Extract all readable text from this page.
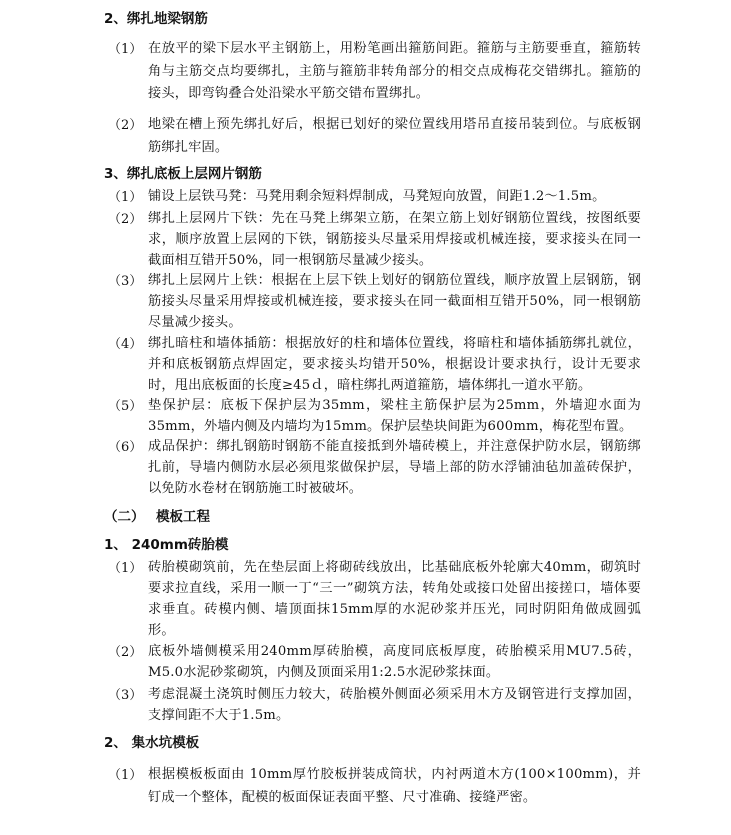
2、绑扎地梁钢筋
（1） 在放平的梁下层水平主钢筋上，用粉笔画出箍筋间距。箍筋与主筋要垂直，箍筋转角与主筋交点均要绑扎，主筋与箍筋非转角部分的相交点成梅花交错绑扎。箍筋的接头，即弯钩叠合处沿梁水平筋交错布置绑扎。
（2） 地梁在槽上预先绑扎好后，根据已划好的梁位置线用塔吊直接吊装到位。与底板钢筋绑扎牢固。
3、绑扎底板上层网片钢筋
（1） 铺设上层铁马凳：马凳用剩余短料焊制成，马凳短向放置，间距1.2～1.5m。
（2） 绑扎上层网片下铁：先在马凳上绑架立筋，在架立筋上划好钢筋位置线，按图纸要求，顺序放置上层网的下铁，钢筋接头尽量采用焊接或机械连接，要求接头在同一截面相互错开50%，同一根钢筋尽量减少接头。
（3） 绑扎上层网片上铁：根据在上层下铁上划好的钢筋位置线，顺序放置上层钢筋，钢筋接头尽量采用焊接或机械连接，要求接头在同一截面相互错开50%，同一根钢筋尽量减少接头。
（4） 绑扎暗柱和墙体插筋：根据放好的柱和墙体位置线，将暗柱和墙体插筋绑扎就位，并和底板钢筋点焊固定，要求接头均错开50%，根据设计要求执行，设计无要求时，甩出底板面的长度≥45ｄ，暗柱绑扎两道箍筋，墙体绑扎一道水平筋。
（5） 垫保护层：底板下保护层为35mm，梁柱主筋保护层为25mm，外墙迎水面为35mm，外墙内侧及内墙均为15mm。保护层垫块间距为600mm，梅花型布置。
（6） 成品保护：绑扎钢筋时钢筋不能直接抵到外墙砖模上，并注意保护防水层，钢筋绑扎前，导墙内侧防水层必须甩浆做保护层，导墙上部的防水浮铺油毡加盖砖保护，以免防水卷材在钢筋施工时被破坏。
（二）　 模板工程
1、 240mm砖胎模
（1） 砖胎模砌筑前，先在垫层面上将砌砖线放出，比基础底板外轮廓大40mm，砌筑时要求拉直线，采用一顺一丁“三一”砌筑方法，转角处或接口处留出接搓口，墙体要求垂直。砖模内侧、墙顶面抹15mm厚的水泥砂浆并压光，同时阴阳角做成圆弧形。
（2） 底板外墙侧模采用240mm厚砖胎模，高度同底板厚度，砖胎模采用MU7.5砖，M5.0水泥砂浆砌筑，内侧及顶面采用1:2.5水泥砂浆抹面。
（3） 考虑混凝土浇筑时侧压力较大，砖胎模外侧面必须采用木方及钢管进行支撑加固，支撑间距不大于1.5m。
2、 集水坑模板
（1） 根据模板板面由 10mm厚竹胶板拼装成筒状，内衬两道木方(100×100mm)，并钉成一个整体，配模的板面保证表面平整、尺寸准确、接缝严密。
